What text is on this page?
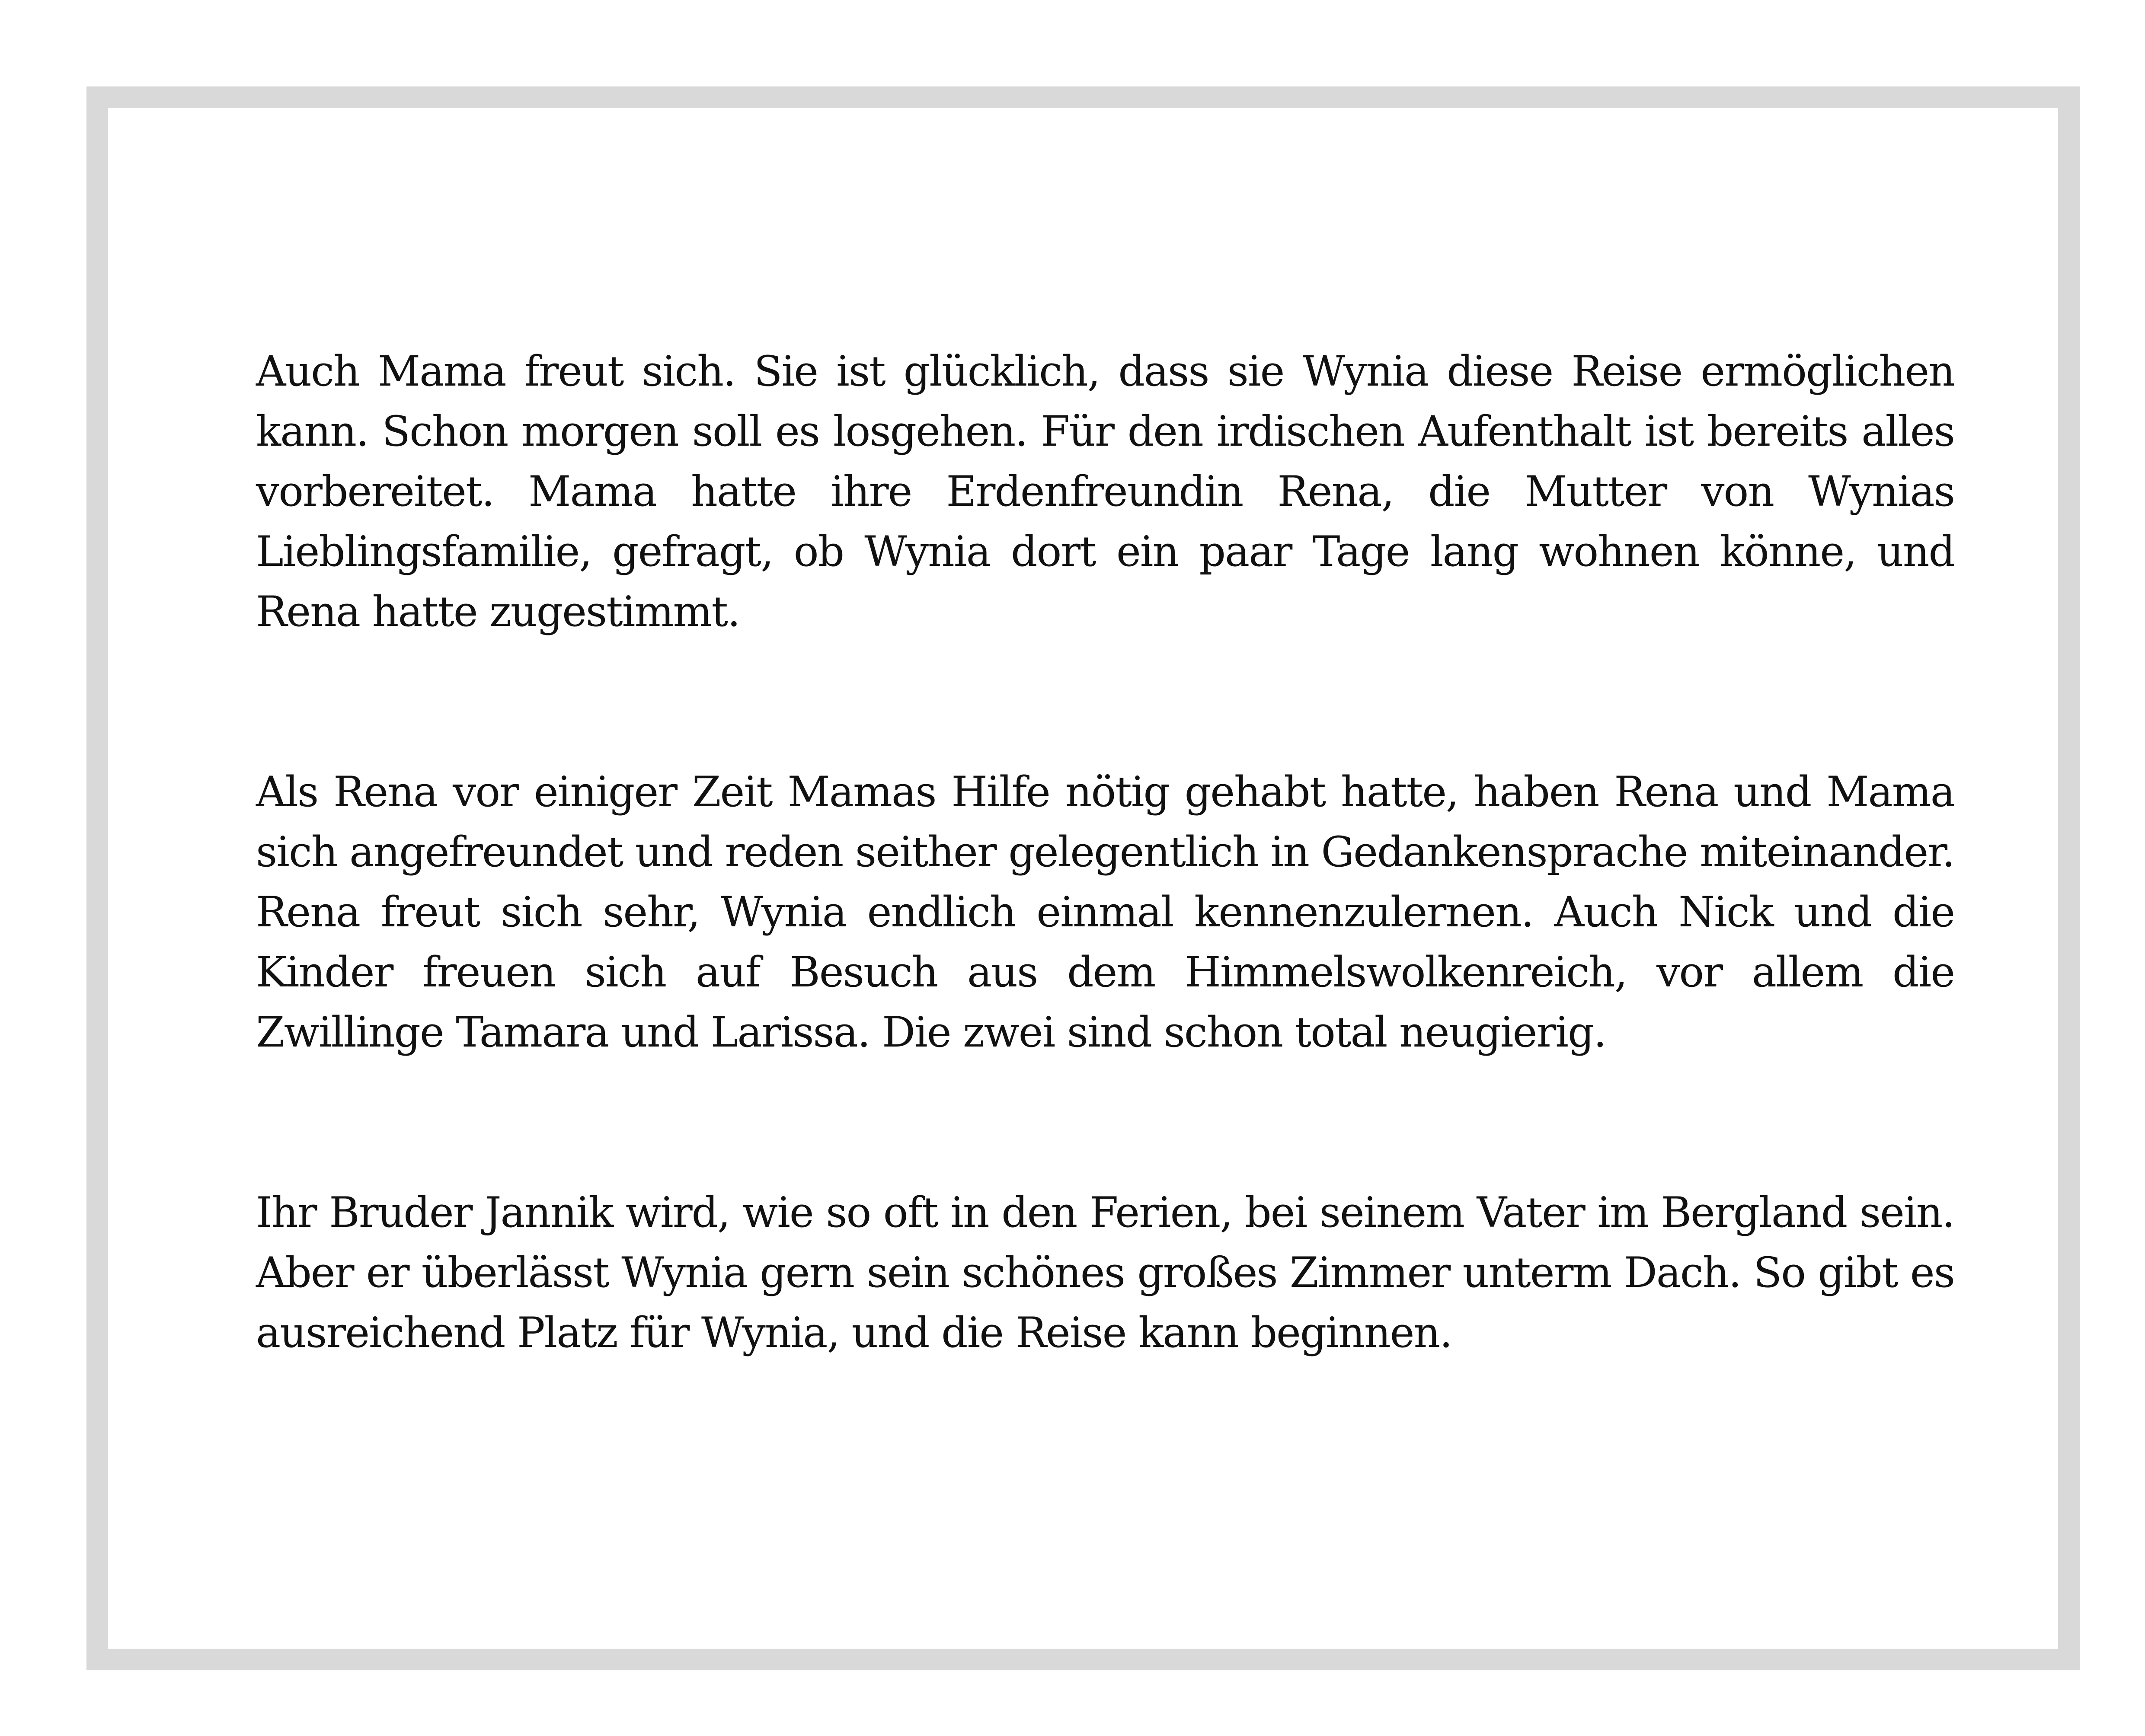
Auch Mama freut sich. Sie ist glücklich, dass sie Wynia diese Reise ermöglichen kann. Schon morgen soll es losgehen. Für den irdischen Aufenthalt ist bereits alles vorbereitet. Mama hatte ihre Erdenfreundin Rena, die Mutter von Wynias Lieblingsfamilie, gefragt, ob Wynia dort ein paar Tage lang wohnen könne, und Rena hatte zugestimmt.

Als Rena vor einiger Zeit Mamas Hilfe nötig gehabt hatte, haben Rena und Mama sich angefreundet und reden seither gelegentlich in Gedankensprache miteinander. Rena freut sich sehr, Wynia endlich einmal kennenzulernen. Auch Nick und die Kinder freuen sich auf Besuch aus dem Himmelswolkenreich, vor allem die Zwillinge Tamara und Larissa. Die zwei sind schon total neugierig.

Ihr Bruder Jannik wird, wie so oft in den Ferien, bei seinem Vater im Bergland sein. Aber er überlässt Wynia gern sein schönes großes Zimmer unterm Dach. So gibt es ausreichend Platz für Wynia, und die Reise kann beginnen.
